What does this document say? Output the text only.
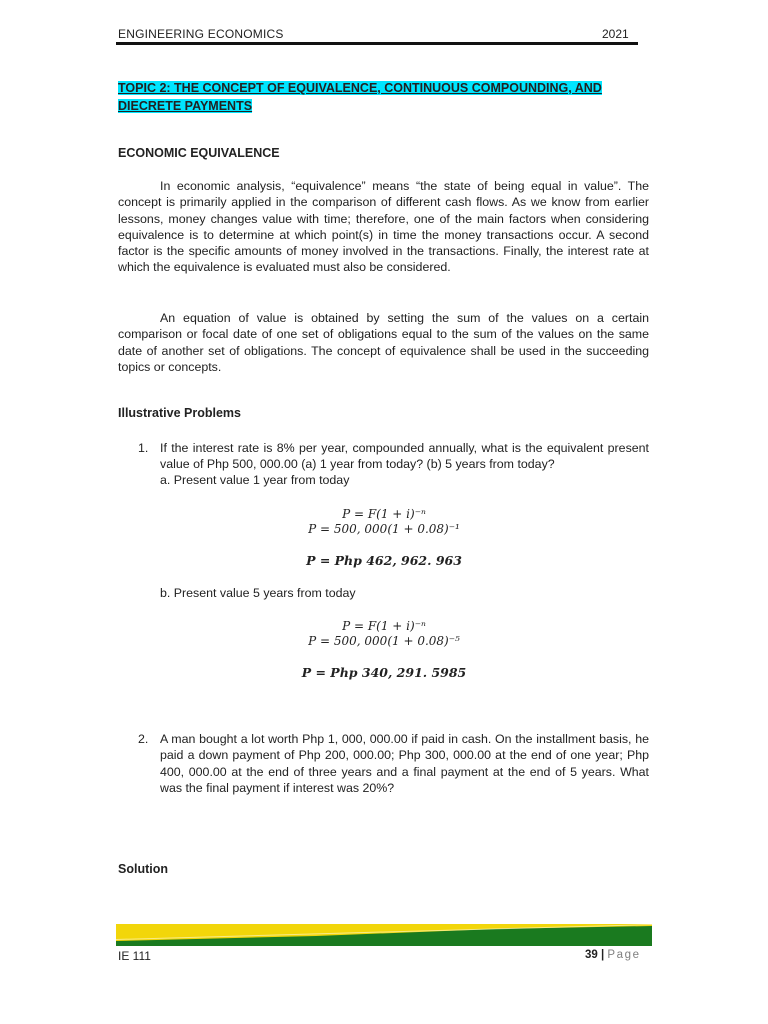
ENGINEERING ECONOMICS	2021
TOPIC 2: THE CONCEPT OF EQUIVALENCE, CONTINUOUS COMPOUNDING, AND DIECRETE PAYMENTS
ECONOMIC EQUIVALENCE

In economic analysis, “equivalence” means “the state of being equal in value”. The concept is primarily applied in the comparison of different cash flows. As we know from earlier lessons, money changes value with time; therefore, one of the main factors when considering equivalence is to determine at which point(s) in time the money transactions occur. A second factor is the specific amounts of money involved in the transactions. Finally, the interest rate at which the equivalence is evaluated must also be considered.

An equation of value is obtained by setting the sum of the values on a certain comparison or focal date of one set of obligations equal to the sum of the values on the same date of another set of obligations. The concept of equivalence shall be used in the succeeding topics or concepts.

Illustrative Problems
1. If the interest rate is 8% per year, compounded annually, what is the equivalent present value of Php 500, 000.00 (a) 1 year from today? (b) 5 years from today?
a. Present value 1 year from today
P = F(1 + i)⁻ⁿ
P = 500, 000(1 + 0.08)⁻¹
P = Php 462, 962. 963
b. Present value 5 years from today
P = F(1 + i)⁻ⁿ
P = 500, 000(1 + 0.08)⁻⁵
P = Php 340, 291. 5985
2. A man bought a lot worth Php 1, 000, 000.00 if paid in cash. On the installment basis, he paid a down payment of Php 200, 000.00; Php 300, 000.00 at the end of one year; Php 400, 000.00 at the end of three years and a final payment at the end of 5 years. What was the final payment if interest was 20%?
Solution
IE 111	39 | Page
